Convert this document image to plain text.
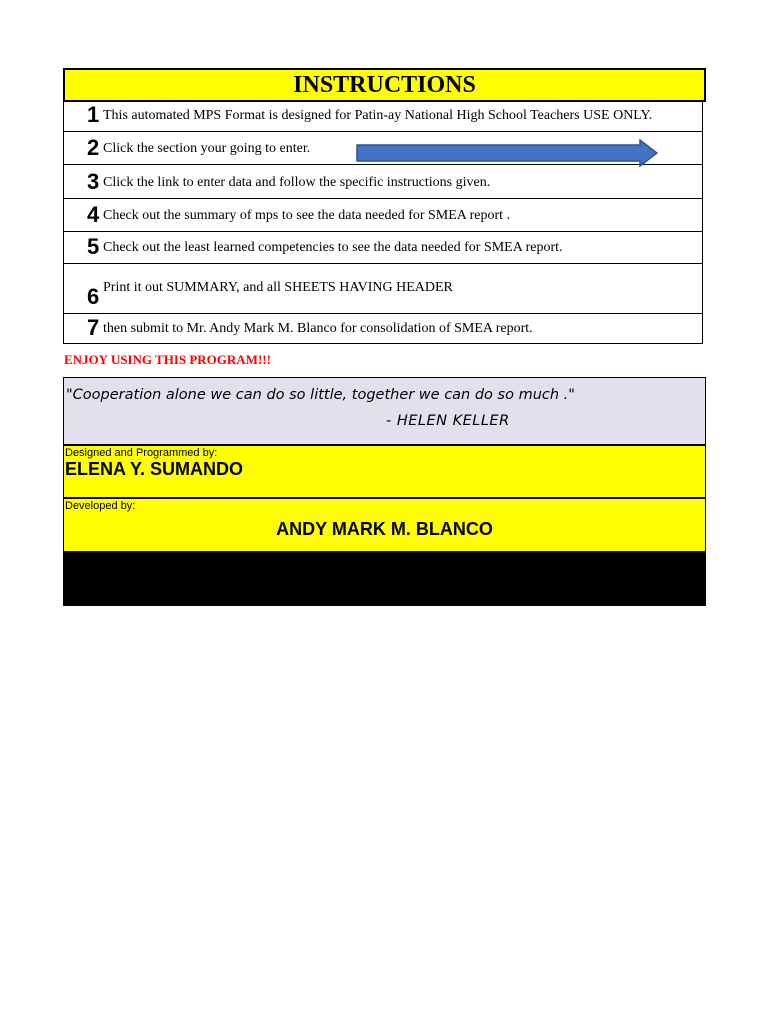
INSTRUCTIONS
1 This automated MPS Format is designed for Patin-ay National High School Teachers USE ONLY.
2 Click the section your going to enter.
3 Click the link to enter data and follow the specific instructions given.
4 Check out the summary of mps to see the data needed for SMEA report .
5 Check out the least learned competencies to see the data needed for SMEA report.
6 Print it out SUMMARY, and all SHEETS HAVING HEADER
7 then submit to Mr. Andy Mark M. Blanco for consolidation of SMEA report.
ENJOY USING THIS PROGRAM!!!
"Cooperation alone we can do so little, together we can do so much ."
- HELEN KELLER
Designed and Programmed by:
ELENA Y. SUMANDO
Developed by:
ANDY MARK M. BLANCO
